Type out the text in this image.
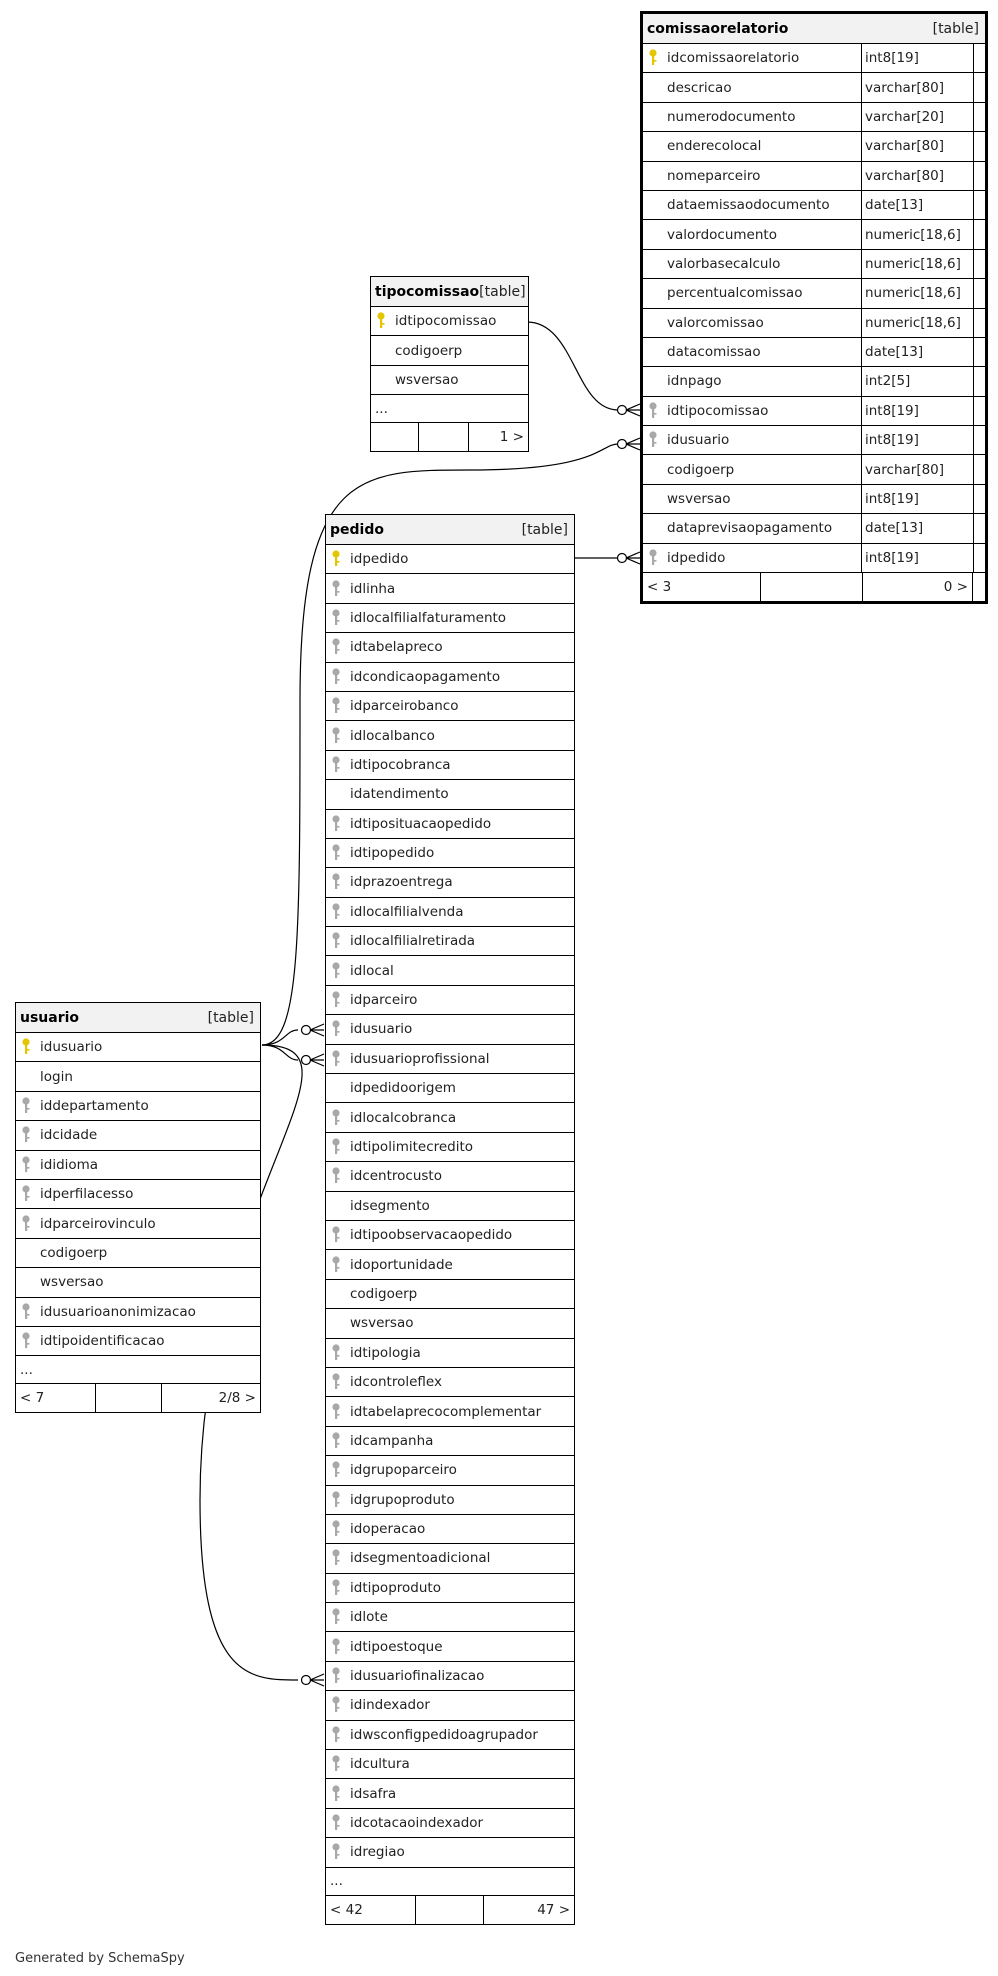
comissaorelatorio	[table]
idcomissaorelatorio	int8[19]
descricao	varchar[80]
numerodocumento	varchar[20]
enderecolocal	varchar[80]
nomeparceiro	varchar[80]
dataemissaodocumento	date[13]
valordocumento	numeric[18,6]
valorbasecalculo	numeric[18,6]
percentualcomissao	numeric[18,6]
valorcomissao	numeric[18,6]
datacomissao	date[13]
idnpago	int2[5]
idtipocomissao	int8[19]
idusuario	int8[19]
codigoerp	varchar[80]
wsversao	int8[19]
dataprevisaopagamento date[13]
idpedido	int8[19]
< 3	0 >
tipocomissao [table]
idtipocomissao
codigoerp
wsversao
...
1 >
pedido	[table]
idpedido
idlinha
idlocalfilialfaturamento
idtabelapreco
idcondicaopagamento
idparceirobanco
idlocalbanco
idtipocobranca
idatendimento
idtiposituacaopedido
idtipopedido
idprazoentrega
idlocalfilialvenda
idlocalfilialretirada
idlocal
idparceiro
idusuario
idusuarioprofissional
idpedidoorigem
idlocalcobranca
idtipolimitecredito
idcentrocusto
idsegmento
idtipoobservacaopedido
idoportunidade
codigoerp
wsversao
idtipologia
idcontroleflex
idtabelaprecocomplementar
idcampanha
idgrupoparceiro
idgrupoproduto
idoperacao
idsegmentoadicional
idtipoproduto
idlote
idtipoestoque
idusuariofinalizacao
idindexador
idwsconfigpedidoagrupador
idcultura
idsafra
idcotacaoindexador
idregiao
...
< 42	47 >
usuario	[table]
idusuario
login
iddepartamento
idcidade
ididioma
idperfilacesso
idparceirovinculo
codigoerp
wsversao
idusuarioanonimizacao
idtipoidentificacao
...
< 7	2/8 >
Generated by SchemaSpy
